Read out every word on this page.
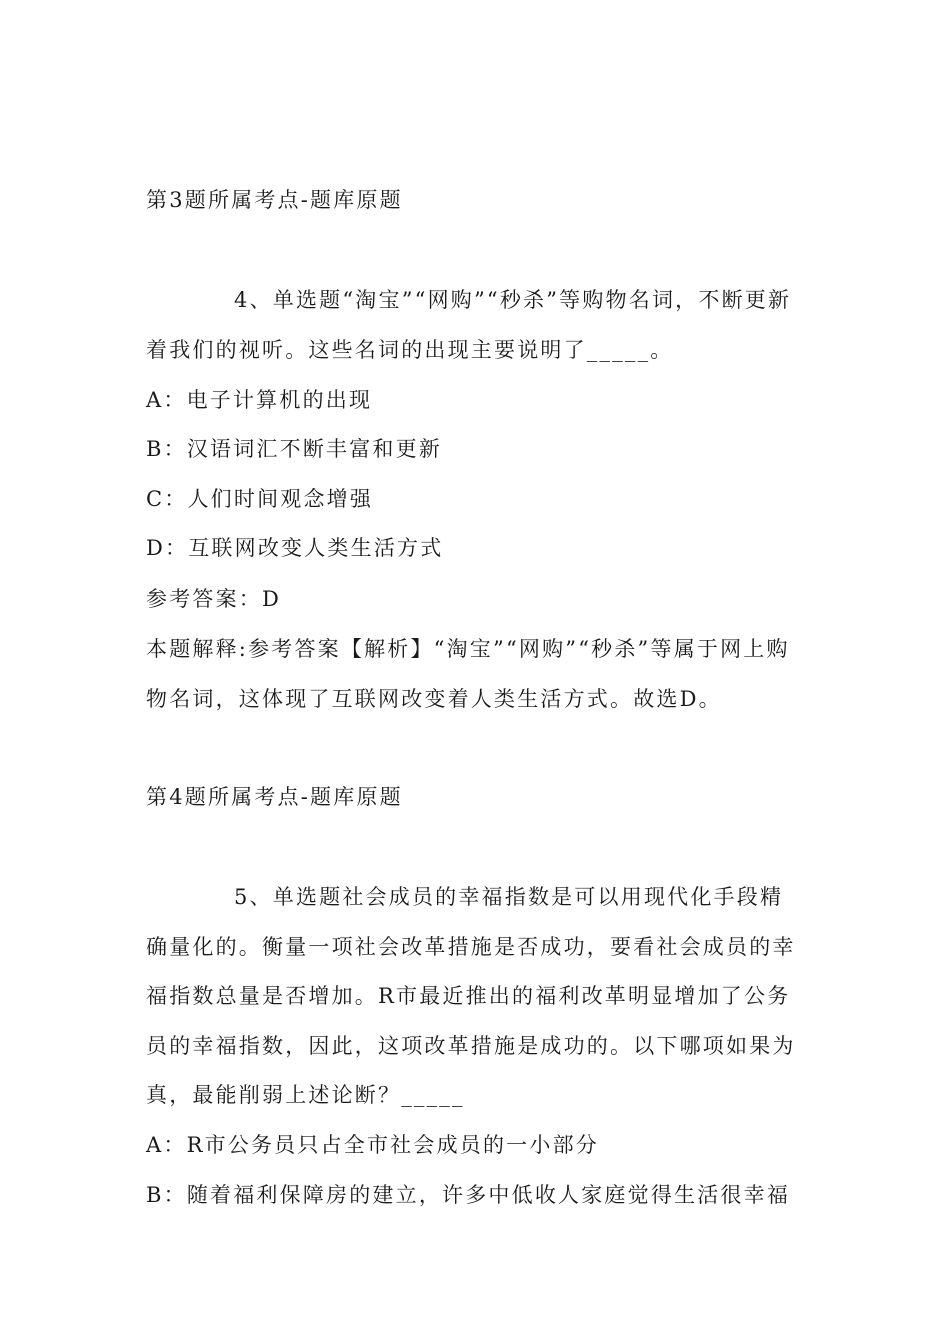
第3题所属考点-题库原题
4、单选题“淘宝”“网购”“秒杀”等购物名词，不断更新着我们的视听。这些名词的出现主要说明了_____。
A：电子计算机的出现
B：汉语词汇不断丰富和更新
C：人们时间观念增强
D：互联网改变人类生活方式
参考答案：D
本题解释:参考答案【解析】“淘宝”“网购”“秒杀”等属于网上购物名词，这体现了互联网改变着人类生活方式。故选D。
第4题所属考点-题库原题
5、单选题社会成员的幸福指数是可以用现代化手段精确量化的。衡量一项社会改革措施是否成功，要看社会成员的幸福指数总量是否增加。R市最近推出的福利改革明显增加了公务员的幸福指数，因此，这项改革措施是成功的。以下哪项如果为真，最能削弱上述论断？_____
A：R市公务员只占全市社会成员的一小部分
B：随着福利保障房的建立，许多中低收人家庭觉得生活很幸福
